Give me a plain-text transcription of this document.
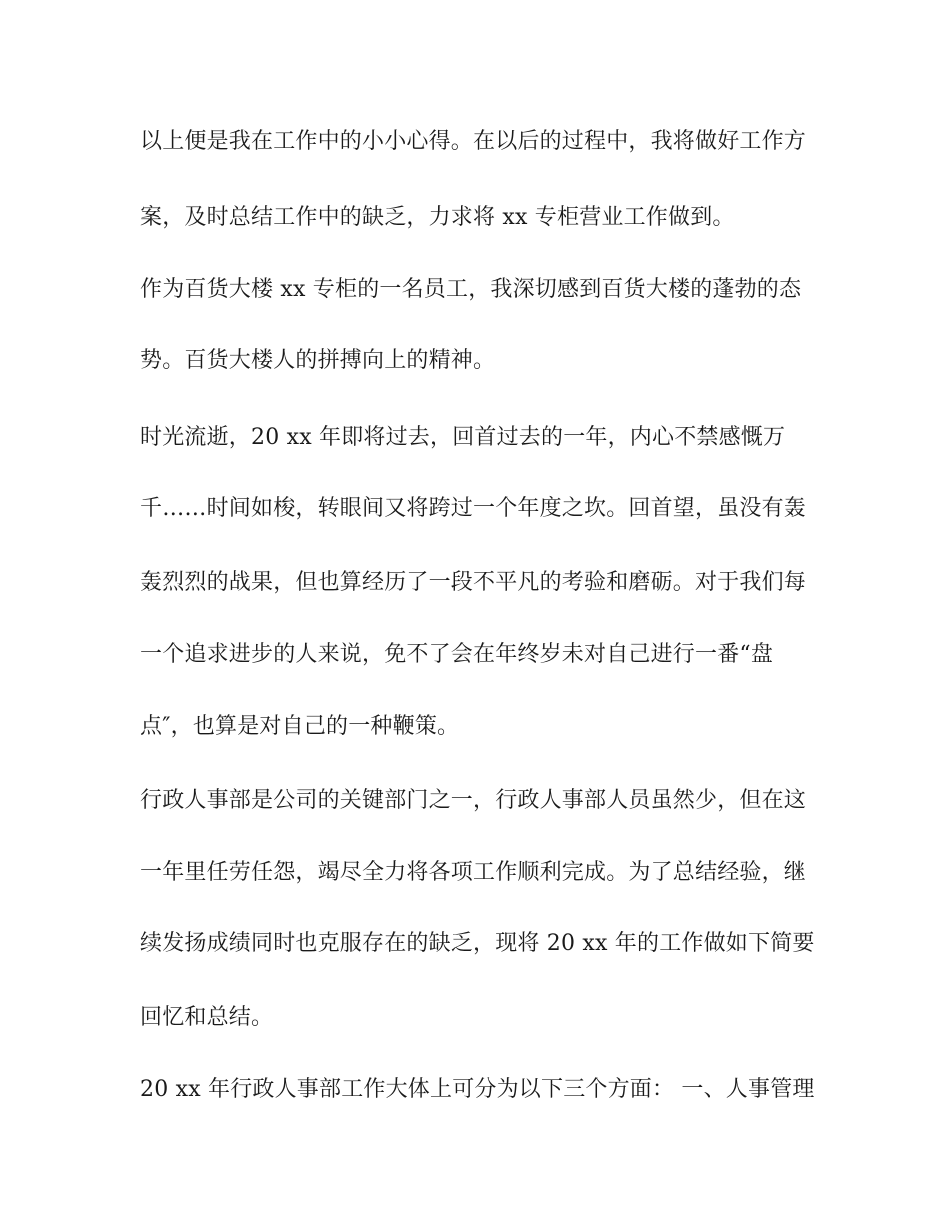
以上便是我在工作中的小小心得。在以后的过程中，我将做好工作方
案，及时总结工作中的缺乏，力求将 xx 专柜营业工作做到。
作为百货大楼 xx 专柜的一名员工，我深切感到百货大楼的蓬勃的态
势。百货大楼人的拼搏向上的精神。
时光流逝，20 xx 年即将过去，回首过去的一年，内心不禁感慨万
千……时间如梭，转眼间又将跨过一个年度之坎。回首望，虽没有轰
轰烈烈的战果，但也算经历了一段不平凡的考验和磨砺。对于我们每
一个追求进步的人来说，免不了会在年终岁未对自己进行一番“盘
点″，也算是对自己的一种鞭策。
行政人事部是公司的关键部门之一，行政人事部人员虽然少，但在这
一年里任劳任怨，竭尽全力将各项工作顺利完成。为了总结经验，继
续发扬成绩同时也克服存在的缺乏，现将 20 xx 年的工作做如下简要
回忆和总结。
20 xx 年行政人事部工作大体上可分为以下三个方面： 一、人事管理
